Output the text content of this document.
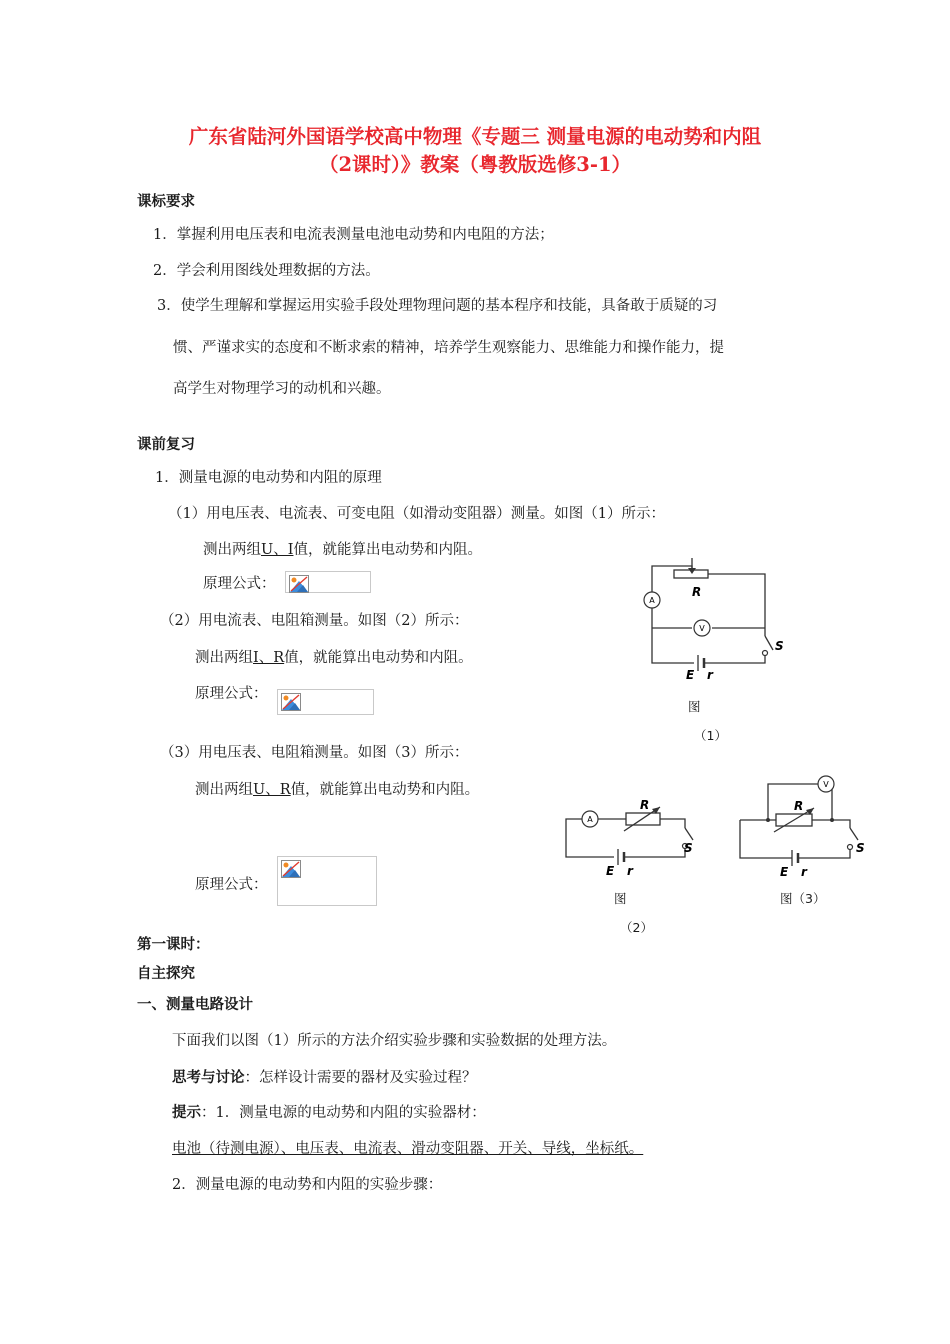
广东省陆河外国语学校高中物理《专题三 测量电源的电动势和内阻
（2课时）》教案（粤教版选修3-1）
课标要求
1．掌握利用电压表和电流表测量电池电动势和内电阻的方法；
2．学会利用图线处理数据的方法。
3．使学生理解和掌握运用实验手段处理物理问题的基本程序和技能，具备敢于质疑的习
惯、严谨求实的态度和不断求索的精神，培养学生观察能力、思维能力和操作能力，提
高学生对物理学习的动机和兴趣。
课前复习
1．测量电源的电动势和内阻的原理
（1）用电压表、电流表、可变电阻（如滑动变阻器）测量。如图（1）所示：
测出两组U、I值，就能算出电动势和内阻。
原理公式：
（2）用电流表、电阻箱测量。如图（2）所示：
测出两组I、R值，就能算出电动势和内阻。
原理公式：
（3）用电压表、电阻箱测量。如图（3）所示：
测出两组U、R值，就能算出电动势和内阻。
原理公式：
A
V
R
S
E r
图
（1）
A
R
S
E r
图
（2）
V
R
S
E r
图（3）
第一课时：
自主探究
一、测量电路设计
下面我们以图（1）所示的方法介绍实验步骤和实验数据的处理方法。
思考与讨论：怎样设计需要的器材及实验过程？
提示：1．测量电源的电动势和内阻的实验器材：
电池（待测电源）、电压表、电流表、滑动变阻器、开关、导线，坐标纸。
2．测量电源的电动势和内阻的实验步骤：
